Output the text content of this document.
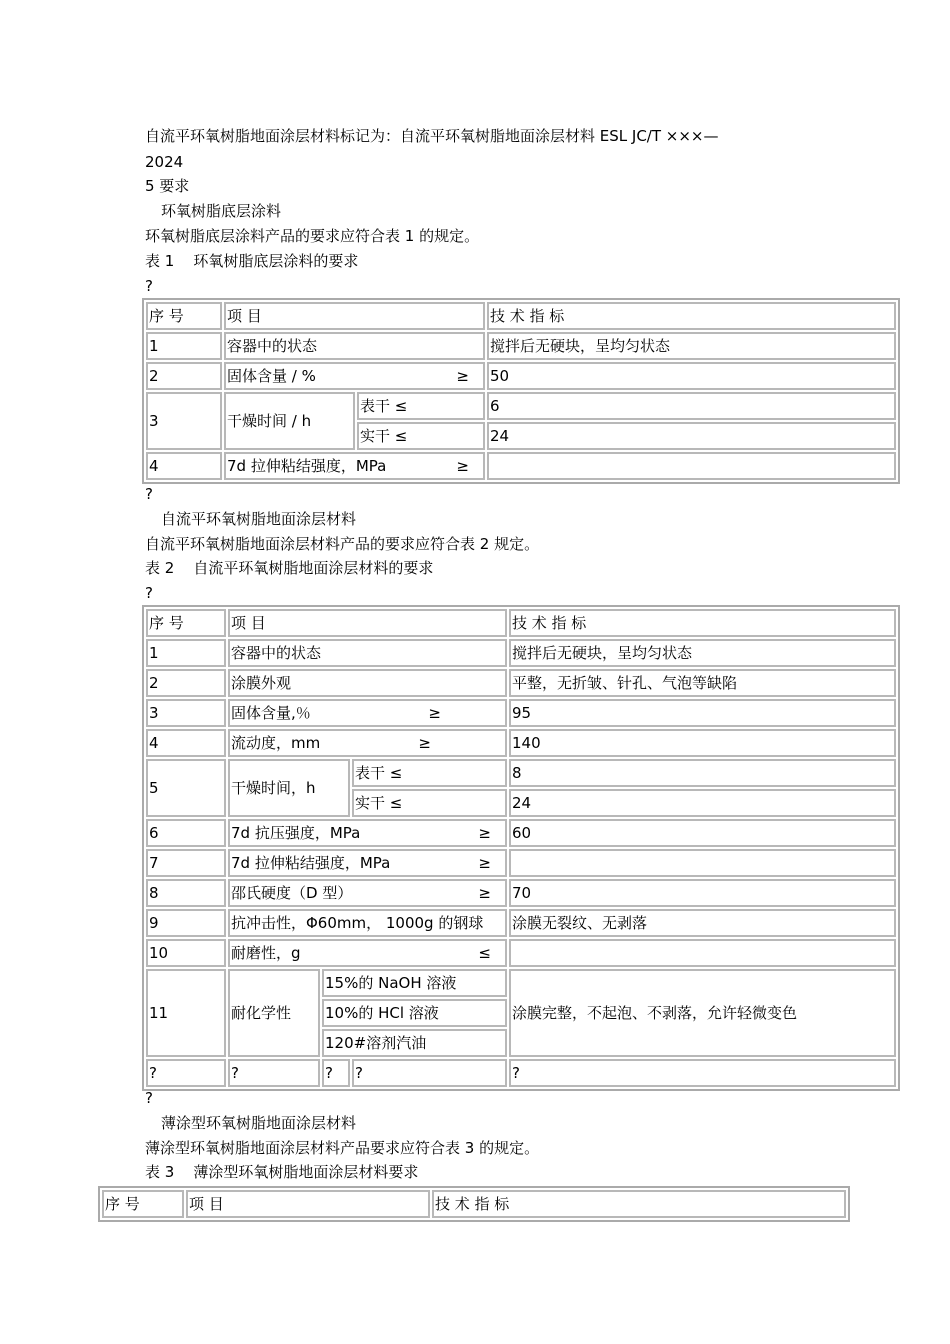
自流平环氧树脂地面涂层材料标记为：自流平环氧树脂地面涂层材料 ESL JC/T ×××—
2024
5 要求
环氧树脂底层涂料
环氧树脂底层涂料产品的要求应符合表 1 的规定。
表 1    环氧树脂底层涂料的要求
?
序 号	项 目		技 术 指 标
1	容器中的状态		搅拌后无硬块，呈均匀状态
2	固体含量 / % ≥		50
3	干燥时间 / h	表干 ≤	6
		实干 ≤	24
4	7d 拉伸粘结强度，MPa ≥		

?
自流平环氧树脂地面涂层材料
自流平环氧树脂地面涂层材料产品的要求应符合表 2 规定。
表 2    自流平环氧树脂地面涂层材料的要求
?
序 号	项 目			技 术 指 标
1	容器中的状态			搅拌后无硬块，呈均匀状态
2	涂膜外观			平整，无折皱、针孔、气泡等缺陷
3	固体含量,％ ≥			95
4	流动度，mm ≥			140
5	干燥时间，h		表干 ≤	8
			实干 ≤	24
6	7d 抗压强度，MPa ≥			60
7	7d 拉伸粘结强度，MPa ≥			

8	邵氏硬度（D 型） ≥			70
9	抗冲击性，Φ60mm， 1000g 的钢球			涂膜无裂纹、无剥落
10	耐磨性，g ≤			

11	耐化学性	15%的 NaOH 溶液		涂膜完整，不起泡、不剥落，允许轻微变色
		10%的 HCl 溶液		
		120#溶剂汽油		
?	?	?	?	?
?
薄涂型环氧树脂地面涂层材料
薄涂型环氧树脂地面涂层材料产品要求应符合表 3 的规定。
表 3    薄涂型环氧树脂地面涂层材料要求
序 号	项 目	技 术 指 标
